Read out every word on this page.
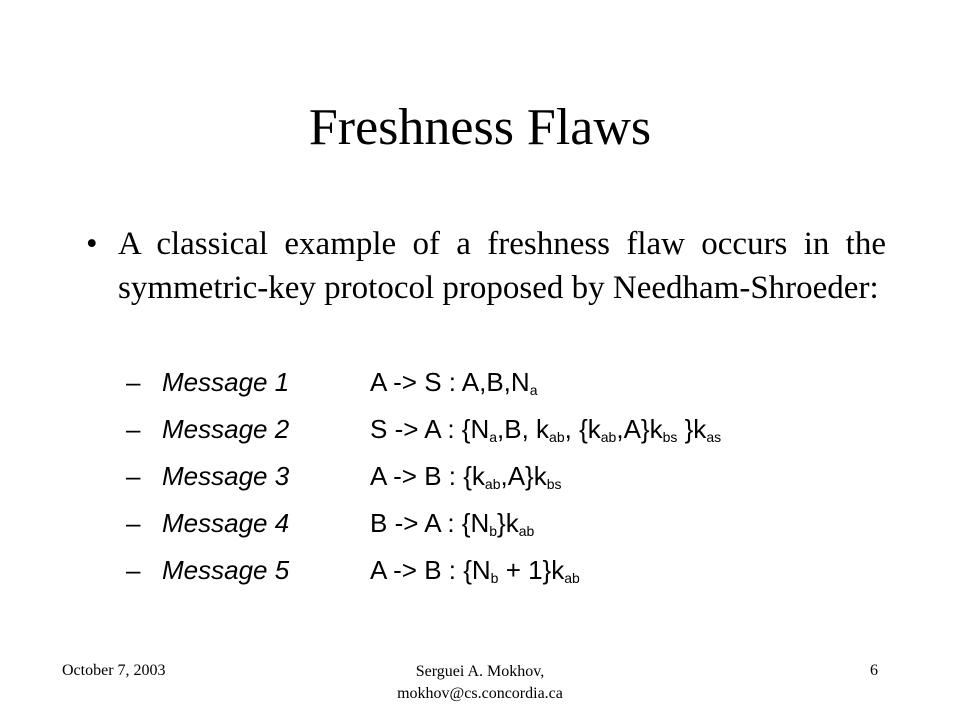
Freshness Flaws
• A classical example of a freshness flaw occurs in the symmetric-key protocol proposed by Needham-Shroeder:
– Message 1	A -> S : $A,B,N_a$
– Message 2	S -> A : {$N_a,B$, $k_{ab}$, $\{k_{ab},A\}k_{bs}$ }$k_{as}$
– Message 3	A -> B : $\{k_{ab},A\}k_{bs}$
– Message 4	B -> A : $\{N_b\}k_{ab}$
– Message 5	A -> B : $\{N_b + 1\}k_{ab}$
October 7, 2003	Serguei A. Mokhov,
mokhov@cs.concordia.ca
6
